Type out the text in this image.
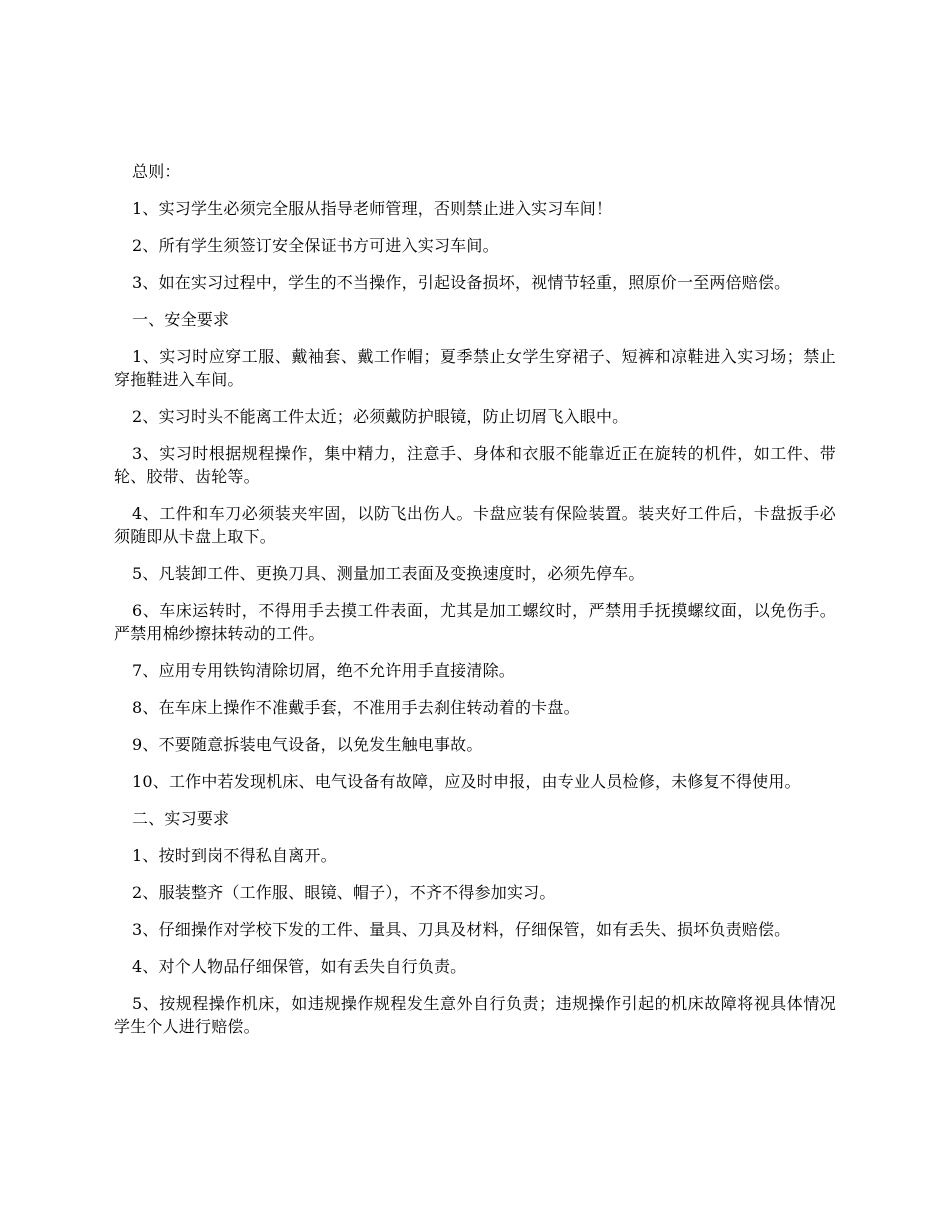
总则：

1、实习学生必须完全服从指导老师管理，否则禁止进入实习车间！

2、所有学生须签订安全保证书方可进入实习车间。

3、如在实习过程中，学生的不当操作，引起设备损坏，视情节轻重，照原价一至两倍赔偿。

一、安全要求

1、实习时应穿工服、戴袖套、戴工作帽；夏季禁止女学生穿裙子、短裤和凉鞋进入实习场；禁止穿拖鞋进入车间。

2、实习时头不能离工件太近；必须戴防护眼镜，防止切屑飞入眼中。

3、实习时根据规程操作，集中精力，注意手、身体和衣服不能靠近正在旋转的机件，如工件、带轮、胶带、齿轮等。

4、工件和车刀必须装夹牢固，以防飞出伤人。卡盘应装有保险装置。装夹好工件后，卡盘扳手必须随即从卡盘上取下。

5、凡装卸工件、更换刀具、测量加工表面及变换速度时，必须先停车。

6、车床运转时，不得用手去摸工件表面，尤其是加工螺纹时，严禁用手抚摸螺纹面，以免伤手。严禁用棉纱擦抹转动的工件。

7、应用专用铁钩清除切屑，绝不允许用手直接清除。

8、在车床上操作不准戴手套，不准用手去刹住转动着的卡盘。

9、不要随意拆装电气设备，以免发生触电事故。

10、工作中若发现机床、电气设备有故障，应及时申报，由专业人员检修，未修复不得使用。

二、实习要求

1、按时到岗不得私自离开。

2、服装整齐（工作服、眼镜、帽子），不齐不得参加实习。

3、仔细操作对学校下发的工件、量具、刀具及材料，仔细保管，如有丢失、损坏负责赔偿。

4、对个人物品仔细保管，如有丢失自行负责。

5、按规程操作机床，如违规操作规程发生意外自行负责；违规操作引起的机床故障将视具体情况学生个人进行赔偿。
